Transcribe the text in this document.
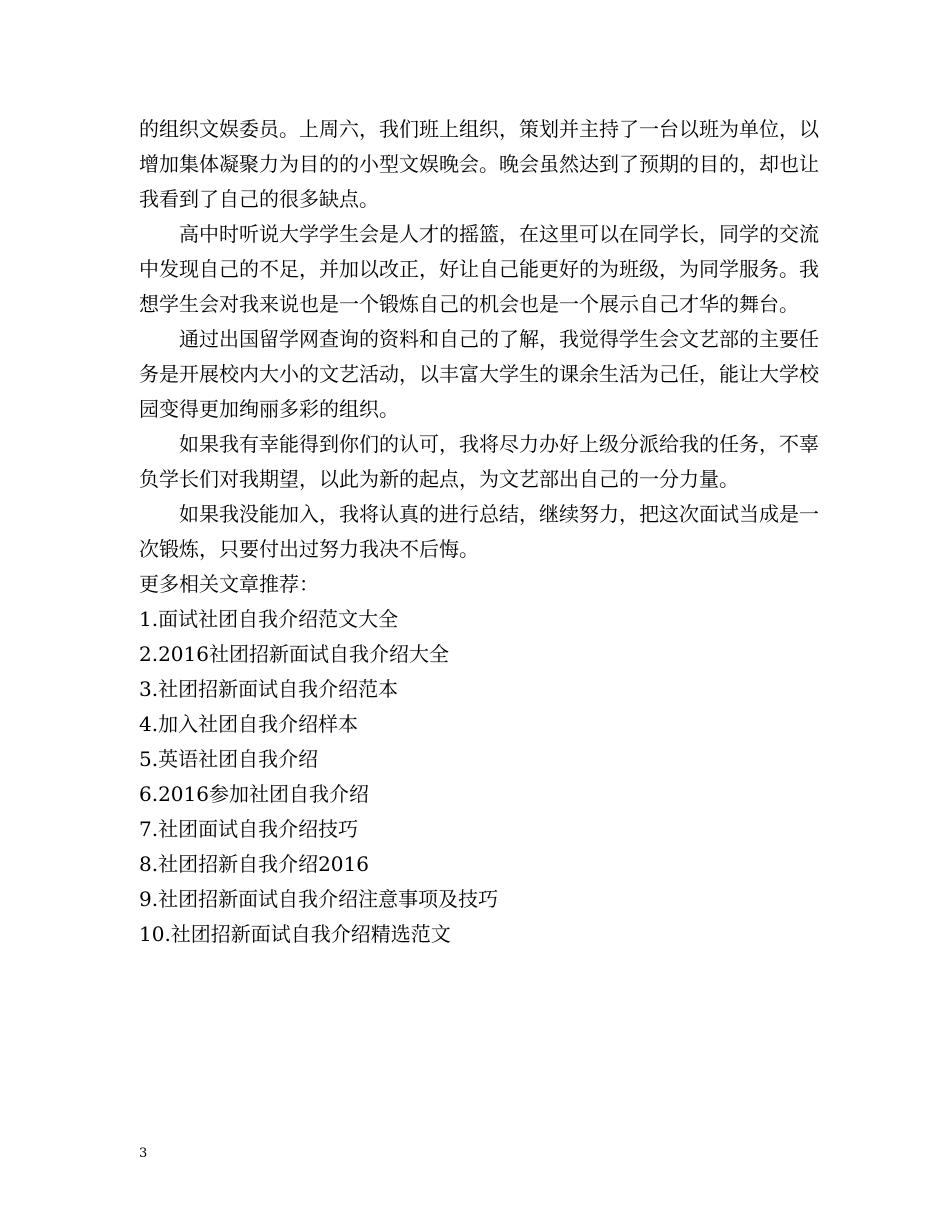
的组织文娱委员。上周六，我们班上组织，策划并主持了一台以班为单位，以增加集体凝聚力为目的的小型文娱晚会。晚会虽然达到了预期的目的，却也让我看到了自己的很多缺点。

高中时听说大学学生会是人才的摇篮，在这里可以在同学长，同学的交流中发现自己的不足，并加以改正，好让自己能更好的为班级，为同学服务。我想学生会对我来说也是一个锻炼自己的机会也是一个展示自己才华的舞台。

通过出国留学网查询的资料和自己的了解，我觉得学生会文艺部的主要任务是开展校内大小的文艺活动，以丰富大学生的课余生活为己任，能让大学校园变得更加绚丽多彩的组织。

如果我有幸能得到你们的认可，我将尽力办好上级分派给我的任务，不辜负学长们对我期望，以此为新的起点，为文艺部出自己的一分力量。

如果我没能加入，我将认真的进行总结，继续努力，把这次面试当成是一次锻炼，只要付出过努力我决不后悔。

更多相关文章推荐：

1.面试社团自我介绍范文大全
2.2016社团招新面试自我介绍大全
3.社团招新面试自我介绍范本
4.加入社团自我介绍样本
5.英语社团自我介绍
6.2016参加社团自我介绍
7.社团面试自我介绍技巧
8.社团招新自我介绍2016
9.社团招新面试自我介绍注意事项及技巧
10.社团招新面试自我介绍精选范文
3
